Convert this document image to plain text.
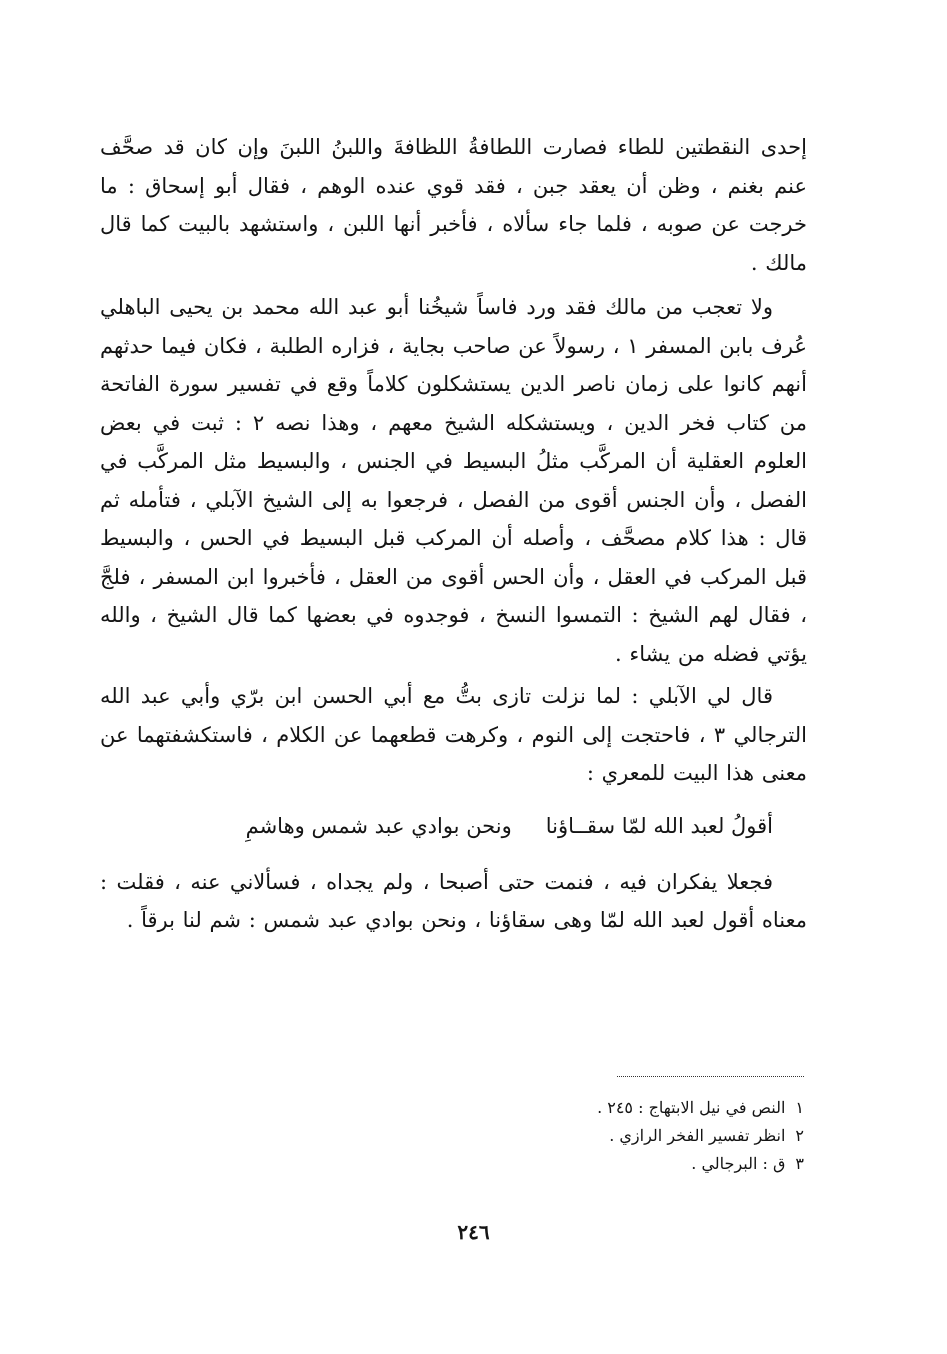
إحدى النقطتين للطاء فصارت اللطافةُ اللظافةَ واللبنُ اللبنَ وإن كان قد صحَّف عنم بغنم ، وظن أن يعقد جبن ، فقد قوي عنده الوهم ، فقال أبو إسحاق : ما خرجت عن صوبه ، فلما جاء سألاه ، فأخبر أنها اللبن ، واستشهد بالبيت كما قال مالك .

ولا تعجب من مالك فقد ورد فاساً شيخُنا أبو عبد الله محمد بن يحيى الباهلي عُرف بابن المسفر ١ ، رسولاً عن صاحب بجاية ، فزاره الطلبة ، فكان فيما حدثهم أنهم كانوا على زمان ناصر الدين يستشكلون كلاماً وقع في تفسير سورة الفاتحة من كتاب فخر الدين ، ويستشكله الشيخ معهم ، وهذا نصه ٢ : ثبت في بعض العلوم العقلية أن المركَّب مثلُ البسيط في الجنس ، والبسيط مثل المركَّب في الفصل ، وأن الجنس أقوى من الفصل ، فرجعوا به إلى الشيخ الآبلي ، فتأمله ثم قال : هذا كلام مصحَّف ، وأصله أن المركب قبل البسيط في الحس ، والبسيط قبل المركب في العقل ، وأن الحس أقوى من العقل ، فأخبروا ابن المسفر ، فلجَّ ، فقال لهم الشيخ : التمسوا النسخ ، فوجدوه في بعضها كما قال الشيخ ، والله يؤتي فضله من يشاء .

قال لي الآبلي : لما نزلت تازى بتُّ مع أبي الحسن ابن برّي وأبي عبد الله الترجالي ٣ ، فاحتجت إلى النوم ، وكرهت قطعهما عن الكلام ، فاستكشفتهما عن معنى هذا البيت للمعري :

أقولُ لعبد الله لمّا سقــاؤنا
ونحن بوادي عبد شمس وهاشمِ

فجعلا يفكران فيه ، فنمت حتى أصبحا ، ولم يجداه ، فسألاني عنه ، فقلت : معناه أقول لعبد الله لمّا وهى سقاؤنا ، ونحن بوادي عبد شمس : شم لنا برقاً .

١النص في نيل الابتهاج : ٢٤٥ .
٢انظر تفسير الفخر الرازي .
٣ق : البرجالي .
٢٤٦
